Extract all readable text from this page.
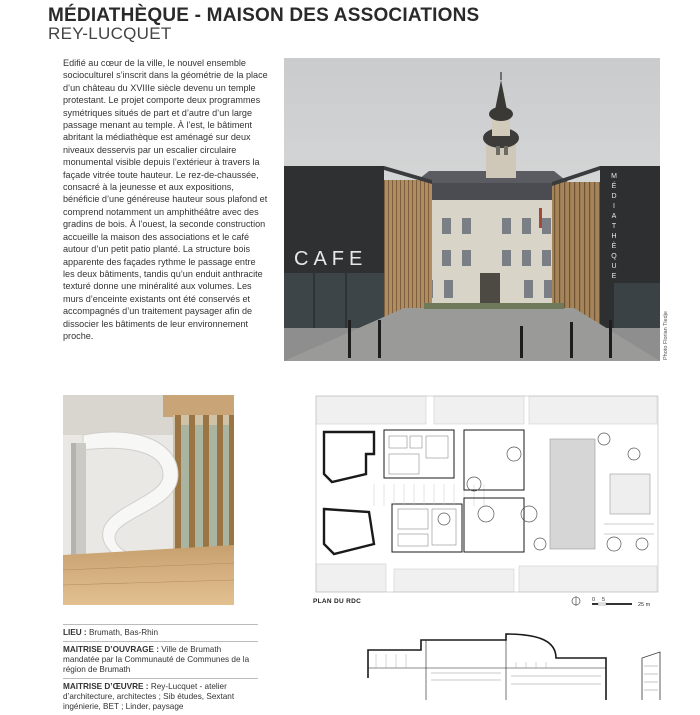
MÉDIATHÈQUE - MAISON DES ASSOCIATIONS
REY-LUCQUET
Edifié au cœur de la ville, le nouvel ensemble socioculturel s’inscrit dans la géométrie de la place d’un château du XVIIIe siècle devenu un temple protestant. Le projet comporte deux programmes symétriques situés de part et d’autre d’un large passage menant au temple. À l’est, le bâtiment abritant la médiathèque est aménagé sur deux niveaux desservis par un escalier circulaire monumental visible depuis l’extérieur à travers la façade vitrée toute hauteur. Le rez-de-chaussée, consacré à la jeunesse et aux expositions, bénéficie d’une généreuse hauteur sous plafond et comprend notamment un amphithéâtre avec des gradins de bois. À l’ouest, la seconde construction accueille la maison des associations et le café autour d’un petit patio planté. La structure bois apparente des façades rythme le passage entre les deux bâtiments, tandis qu’un enduit anthracite texturé donne une minéralité aux volumes. Les murs d’enceinte existants ont été conservés et accompagnés d’un traitement paysager afin de dissocier les bâtiments de leur environnement proche.
CAFE
M
É
D
I
A
T
H
È
Q
U
E
Photo Florian Tiedje
PLAN DU RDC	0 5
25 m
LIEU : Brumath, Bas-Rhin
MAITRISE D’OUVRAGE : Ville de Brumath mandatée par la Communauté de Communes de la région de Brumath
MAITRISE D’ŒUVRE : Rey-Lucquet - atelier d’architecture, architectes ; Sib études, Sextant ingénierie, BET ; Linder, paysage
